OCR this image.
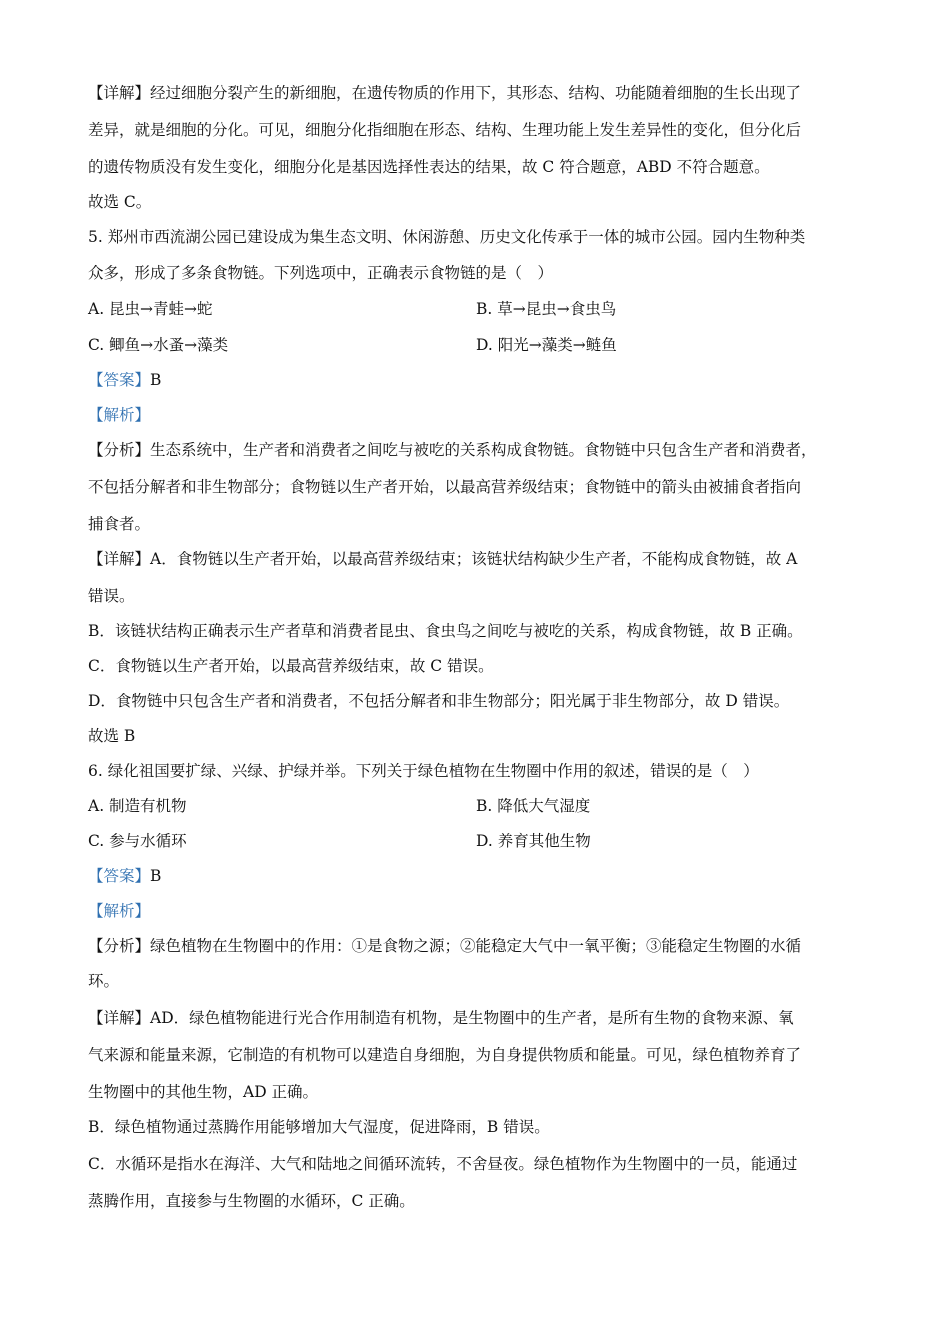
【详解】经过细胞分裂产生的新细胞，在遗传物质的作用下，其形态、结构、功能随着细胞的生长出现了
差异，就是细胞的分化。可见，细胞分化指细胞在形态、结构、生理功能上发生差异性的变化，但分化后
的遗传物质没有发生变化，细胞分化是基因选择性表达的结果，故 C 符合题意，ABD 不符合题意。
故选 C。
5. 郑州市西流湖公园已建设成为集生态文明、休闲游憩、历史文化传承于一体的城市公园。园内生物种类
众多，形成了多条食物链。下列选项中，正确表示食物链的是（　）
A. 昆虫→青蛙→蛇	B. 草→昆虫→食虫鸟
C. 鲫鱼→水蚤→藻类	D. 阳光→藻类→鲢鱼
【答案】B
【解析】
【分析】生态系统中，生产者和消费者之间吃与被吃的关系构成食物链。食物链中只包含生产者和消费者，
不包括分解者和非生物部分；食物链以生产者开始，以最高营养级结束；食物链中的箭头由被捕食者指向
捕食者。
【详解】A．食物链以生产者开始，以最高营养级结束；该链状结构缺少生产者，不能构成食物链，故 A
错误。
B．该链状结构正确表示生产者草和消费者昆虫、食虫鸟之间吃与被吃的关系，构成食物链，故 B 正确。
C．食物链以生产者开始，以最高营养级结束，故 C 错误。
D．食物链中只包含生产者和消费者，不包括分解者和非生物部分；阳光属于非生物部分，故 D 错误。
故选 B
6. 绿化祖国要扩绿、兴绿、护绿并举。下列关于绿色植物在生物圈中作用的叙述，错误的是（　）
A. 制造有机物	B. 降低大气湿度
C. 参与水循环	D. 养育其他生物
【答案】B
【解析】
【分析】绿色植物在生物圈中的作用：①是食物之源；②能稳定大气中一氧平衡；③能稳定生物圈的水循
环。
【详解】AD．绿色植物能进行光合作用制造有机物，是生物圈中的生产者，是所有生物的食物来源、氧
气来源和能量来源，它制造的有机物可以建造自身细胞，为自身提供物质和能量。可见，绿色植物养育了
生物圈中的其他生物，AD 正确。
B．绿色植物通过蒸腾作用能够增加大气湿度，促进降雨，B 错误。
C．水循环是指水在海洋、大气和陆地之间循环流转，不舍昼夜。绿色植物作为生物圈中的一员，能通过
蒸腾作用，直接参与生物圈的水循环，C 正确。
